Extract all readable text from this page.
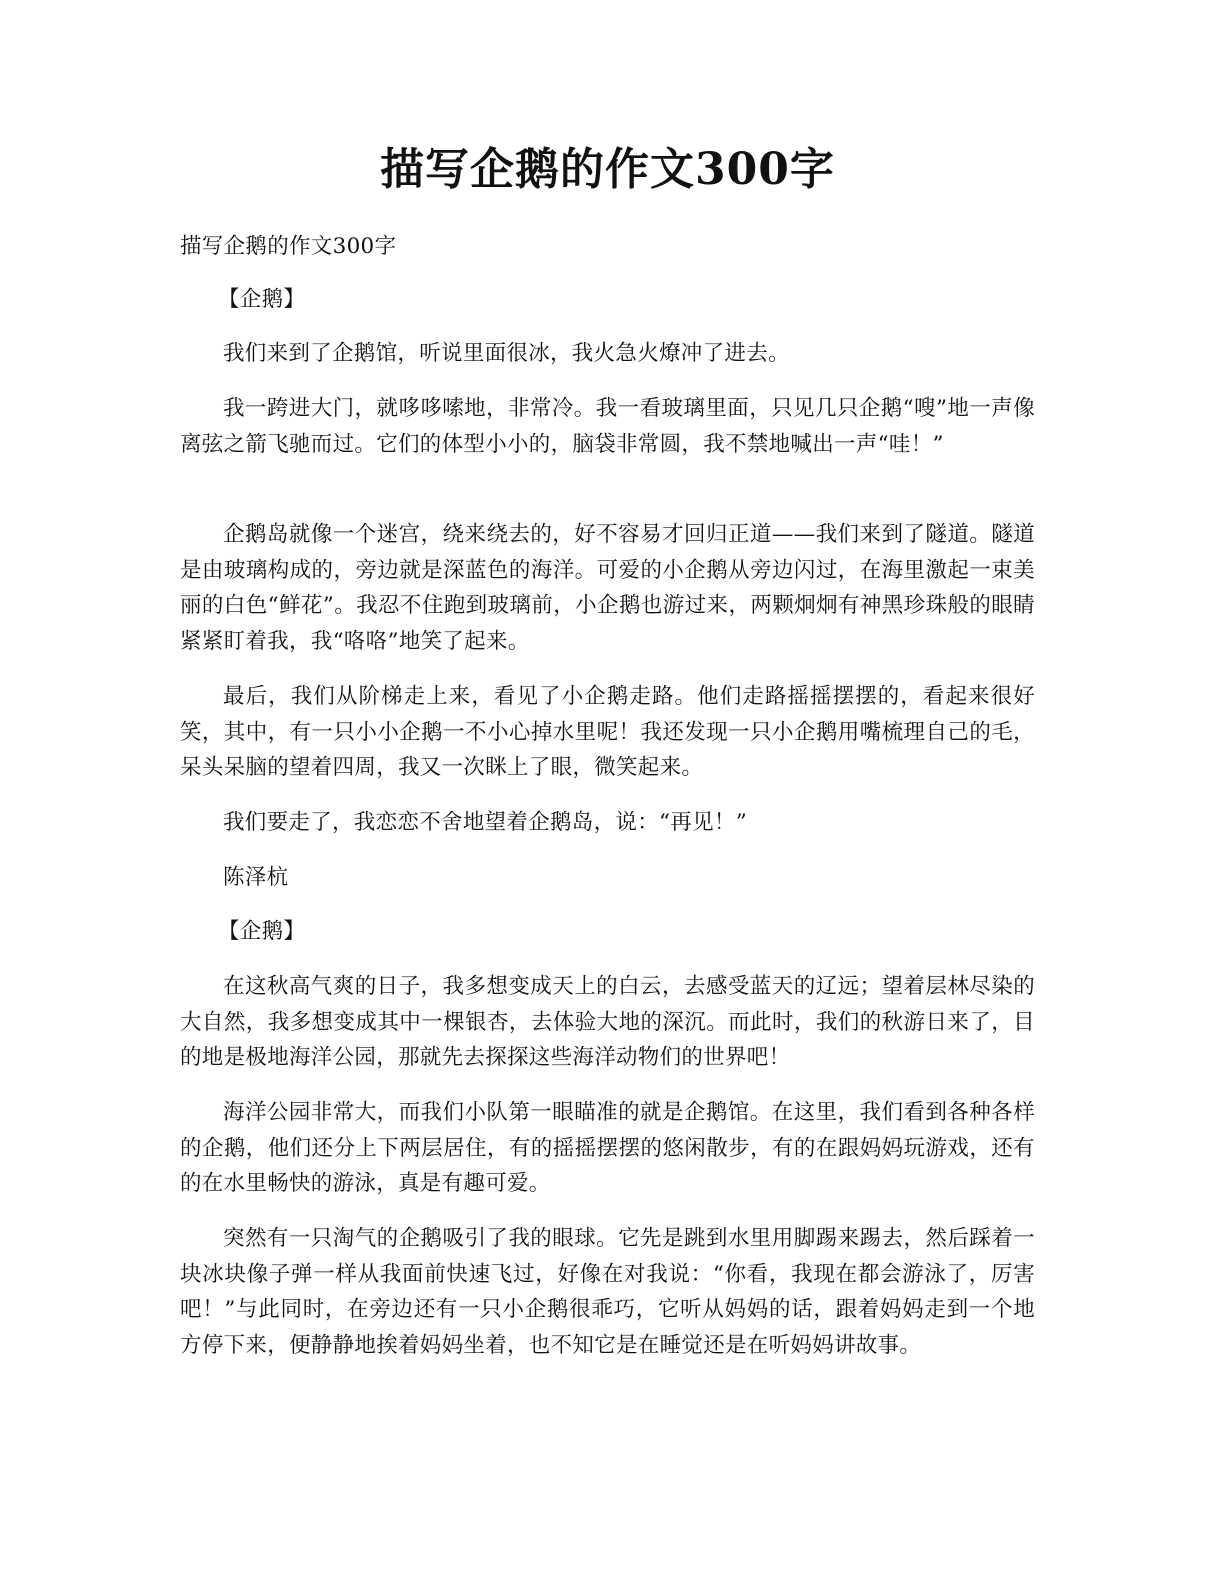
描写企鹅的作文300字

描写企鹅的作文300字

【企鹅】

我们来到了企鹅馆，听说里面很冰，我火急火燎冲了进去。

我一跨进大门，就哆哆嗦地，非常冷。我一看玻璃里面，只见几只企鹅“嗖”地一声像离弦之箭飞驰而过。它们的体型小小的，脑袋非常圆，我不禁地喊出一声“哇！”

企鹅岛就像一个迷宫，绕来绕去的，好不容易才回归正道——我们来到了隧道。隧道是由玻璃构成的，旁边就是深蓝色的海洋。可爱的小企鹅从旁边闪过，在海里激起一束美丽的白色“鲜花”。我忍不住跑到玻璃前，小企鹅也游过来，两颗炯炯有神黑珍珠般的眼睛紧紧盯着我，我“咯咯”地笑了起来。

最后，我们从阶梯走上来，看见了小企鹅走路。他们走路摇摇摆摆的，看起来很好笑，其中，有一只小小企鹅一不小心掉水里呢！我还发现一只小企鹅用嘴梳理自己的毛，呆头呆脑的望着四周，我又一次眯上了眼，微笑起来。

我们要走了，我恋恋不舍地望着企鹅岛，说：“再见！”

陈泽杭

【企鹅】

在这秋高气爽的日子，我多想变成天上的白云，去感受蓝天的辽远；望着层林尽染的大自然，我多想变成其中一棵银杏，去体验大地的深沉。而此时，我们的秋游日来了，目的地是极地海洋公园，那就先去探探这些海洋动物们的世界吧！

海洋公园非常大，而我们小队第一眼瞄准的就是企鹅馆。在这里，我们看到各种各样的企鹅，他们还分上下两层居住，有的摇摇摆摆的悠闲散步，有的在跟妈妈玩游戏，还有的在水里畅快的游泳，真是有趣可爱。

突然有一只淘气的企鹅吸引了我的眼球。它先是跳到水里用脚踢来踢去，然后踩着一块冰块像子弹一样从我面前快速飞过，好像在对我说：“你看，我现在都会游泳了，厉害吧！”与此同时，在旁边还有一只小企鹅很乖巧，它听从妈妈的话，跟着妈妈走到一个地方停下来，便静静地挨着妈妈坐着，也不知它是在睡觉还是在听妈妈讲故事。
